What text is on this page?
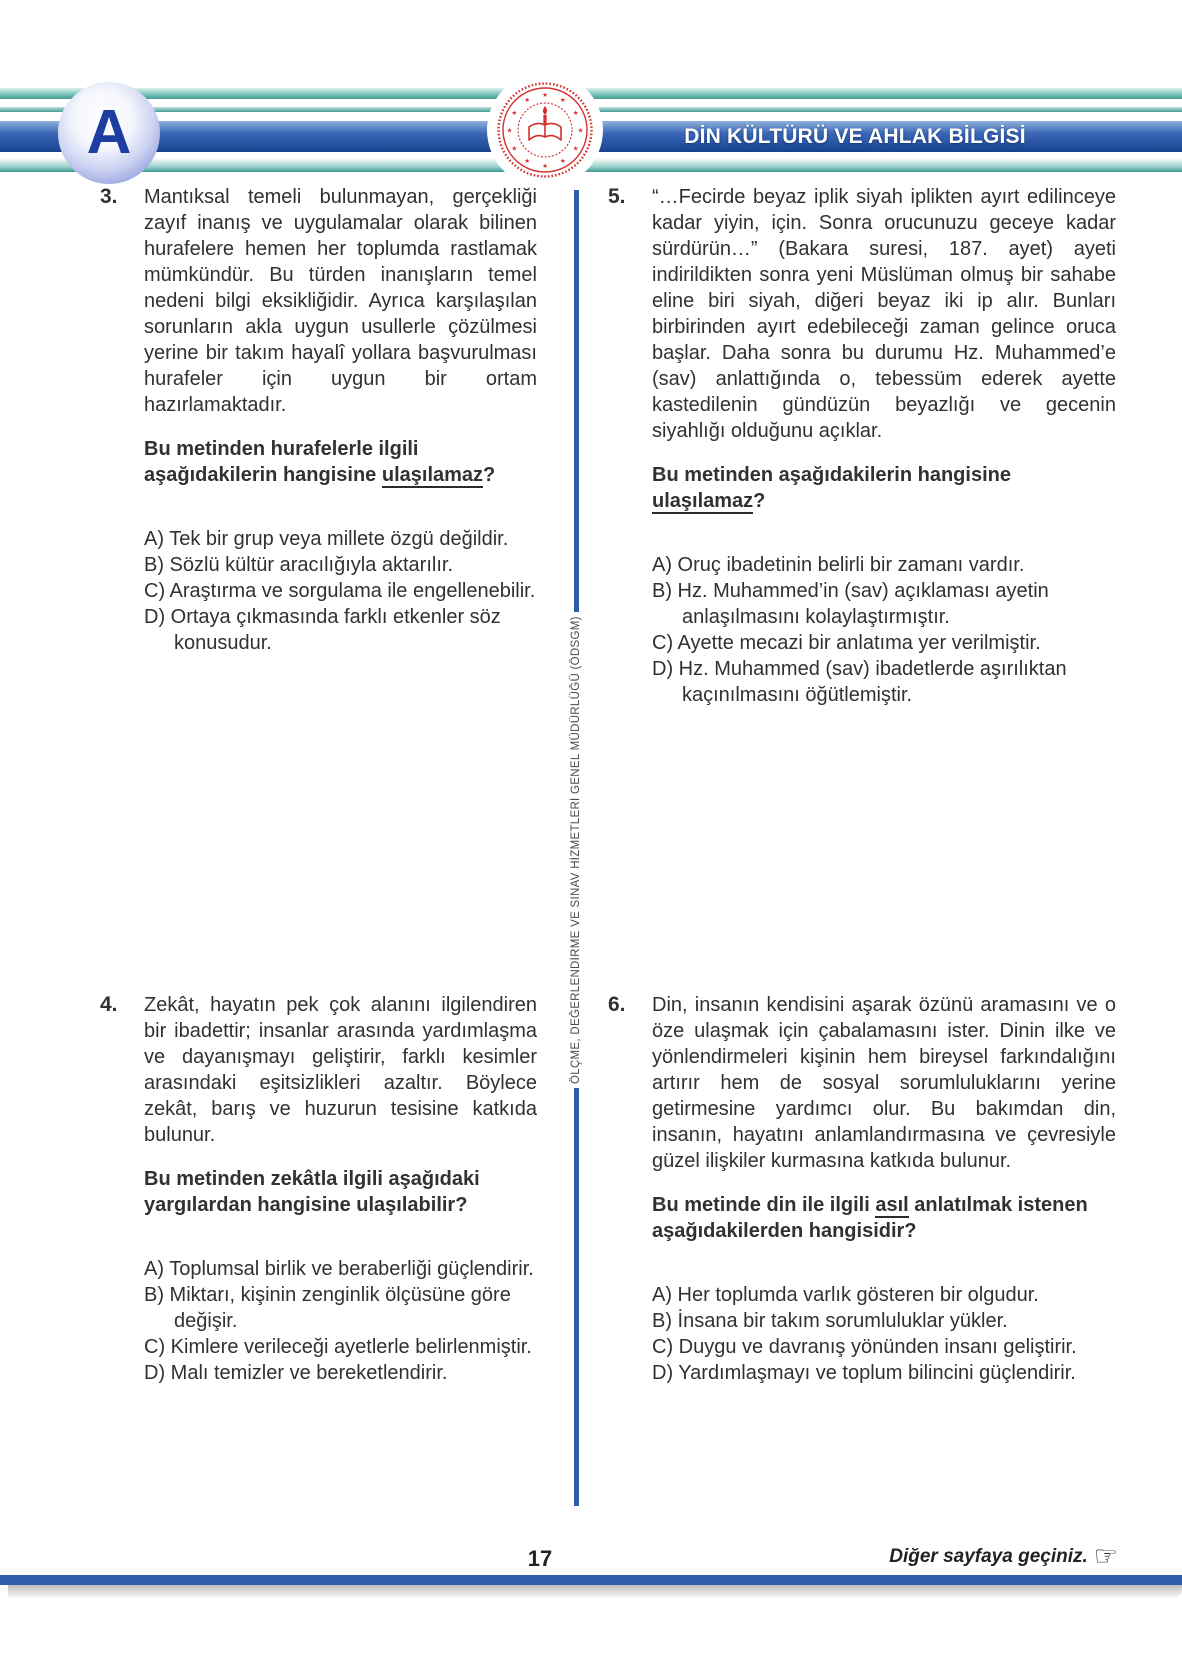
DİN KÜLTÜRÜ VE AHLAK BİLGİSİ
A
★
★
★
★
★
★
★
★
★
★
★
★
ÖLÇME, DEĞERLENDİRME VE SINAV HİZMETLERİ GENEL MÜDÜRLÜĞÜ (ÖDSGM)
3.	Mantıksal temeli bulunmayan, gerçekliği zayıf inanış ve uygulamalar olarak bilinen hurafelere hemen her toplumda rastlamak mümkündür. Bu türden inanışların temel nedeni bilgi eksikliğidir. Ayrıca karşılaşılan sorunların akla uygun usullerle çözülmesi yerine bir takım hayalî yollara başvurulması hurafeler için uygun bir ortam hazırlamaktadır.
Bu metinden hurafelerle ilgili aşağıdakilerin hangisine ulaşılamaz?
A) Tek bir grup veya millete özgü değildir.
B) Sözlü kültür aracılığıyla aktarılır.
C) Araştırma ve sorgulama ile engellenebilir.
D) Ortaya çıkmasında farklı etkenler söz konusudur.
4.	Zekât, hayatın pek çok alanını ilgilendiren bir ibadettir; insanlar arasında yardımlaşma ve dayanışmayı geliştirir, farklı kesimler arasındaki eşitsizlikleri azaltır. Böylece zekât, barış ve huzurun tesisine katkıda bulunur.
Bu metinden zekâtla ilgili aşağıdaki yargılardan hangisine ulaşılabilir?
A) Toplumsal birlik ve beraberliği güçlendirir.
B) Miktarı, kişinin zenginlik ölçüsüne göre değişir.
C) Kimlere verileceği ayetlerle belirlenmiştir.
D) Malı temizler ve bereketlendirir.
5.	“…Fecirde beyaz iplik siyah iplikten ayırt edilinceye kadar yiyin, için. Sonra orucunuzu geceye kadar sürdürün…” (Bakara suresi, 187. ayet) ayeti indirildikten sonra yeni Müslüman olmuş bir sahabe eline biri siyah, diğeri beyaz iki ip alır. Bunları birbirinden ayırt edebileceği zaman gelince oruca başlar. Daha sonra bu durumu Hz. Muhammed’e (sav) anlattığında o, tebessüm ederek ayette kastedilenin gündüzün beyazlığı ve gecenin siyahlığı olduğunu açıklar.
Bu metinden aşağıdakilerin hangisine ulaşılamaz?
A) Oruç ibadetinin belirli bir zamanı vardır.
B) Hz. Muhammed’in (sav) açıklaması ayetin anlaşılmasını kolaylaştırmıştır.
C) Ayette mecazi bir anlatıma yer verilmiştir.
D) Hz. Muhammed (sav) ibadetlerde aşırılıktan kaçınılmasını öğütlemiştir.
6.	Din, insanın kendisini aşarak özünü aramasını ve o öze ulaşmak için çabalamasını ister. Dinin ilke ve yönlendirmeleri kişinin hem bireysel farkındalığını artırır hem de sosyal sorumluluklarını yerine getirmesine yardımcı olur. Bu bakımdan din, insanın, hayatını anlamlandırmasına ve çevresiyle güzel ilişkiler kurmasına katkıda bulunur.
Bu metinde din ile ilgili asıl anlatılmak istenen aşağıdakilerden hangisidir?
A) Her toplumda varlık gösteren bir olgudur.
B) İnsana bir takım sorumluluklar yükler.
C) Duygu ve davranış yönünden insanı geliştirir.
D) Yardımlaşmayı ve toplum bilincini güçlendirir.
17	Diğer sayfaya geçiniz. ☞
